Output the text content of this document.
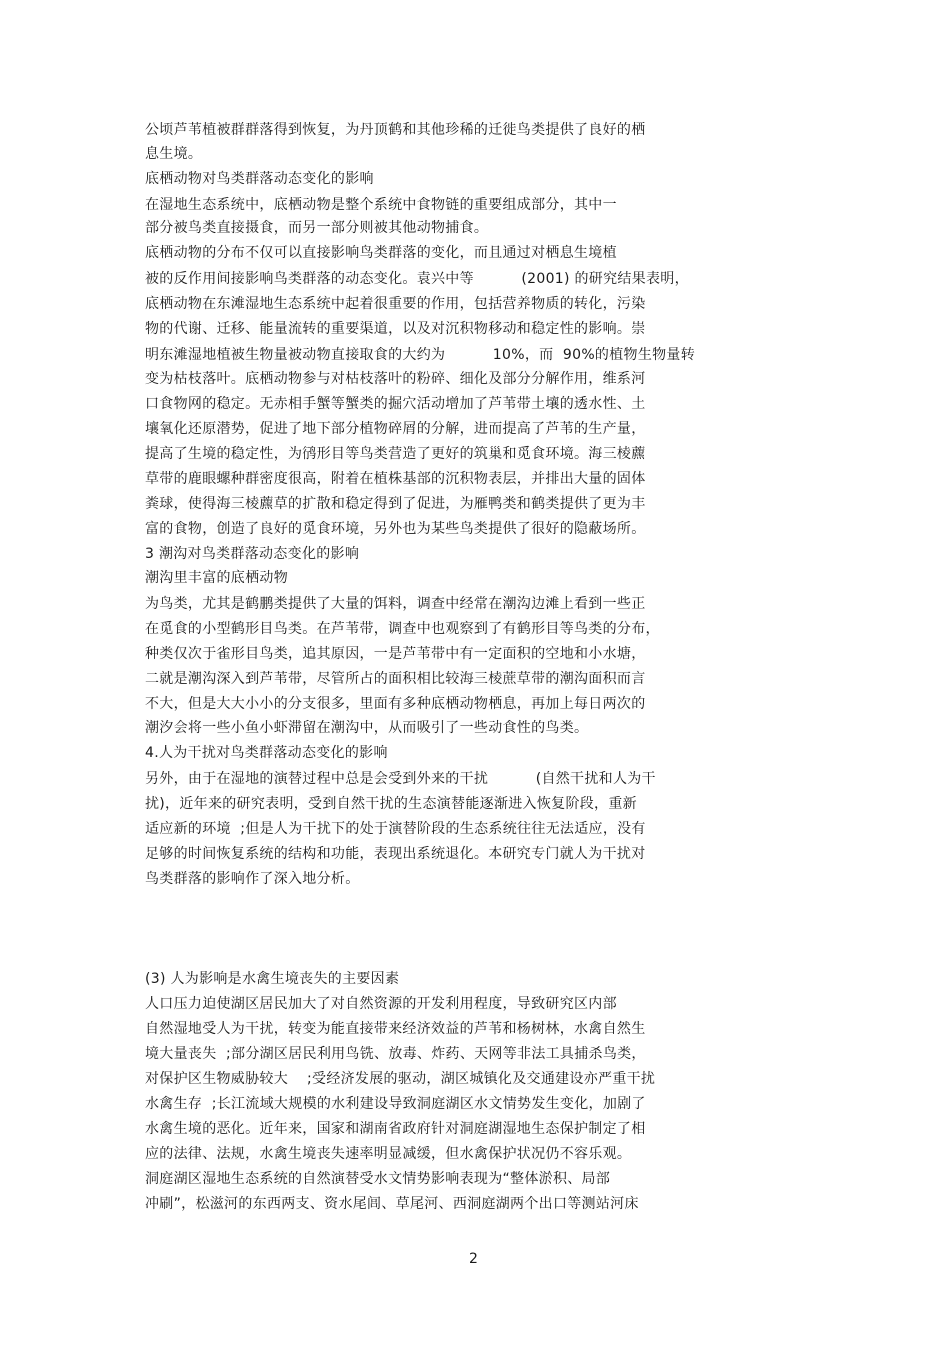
公顷芦苇植被群群落得到恢复，为丹顶鹤和其他珍稀的迁徙鸟类提供了良好的栖
息生境。
底栖动物对鸟类群落动态变化的影响
在湿地生态系统中，底栖动物是整个系统中食物链的重要组成部分，其中一
部分被鸟类直接摄食，而另一部分则被其他动物捕食。
底栖动物的分布不仅可以直接影响鸟类群落的变化，而且通过对栖息生境植
被的反作用间接影响鸟类群落的动态变化。袁兴中等          (2001) 的研究结果表明，
底栖动物在东滩湿地生态系统中起着很重要的作用，包括营养物质的转化，污染
物的代谢、迁移、能量流转的重要渠道，以及对沉积物移动和稳定性的影响。崇
明东滩湿地植被生物量被动物直接取食的大约为          10%，而  90%的植物生物量转
变为枯枝落叶。底栖动物参与对枯枝落叶的粉碎、细化及部分分解作用，维系河
口食物网的稳定。无赤相手蟹等蟹类的掘穴活动增加了芦苇带土壤的透水性、土
壤氧化还原潜势，促进了地下部分植物碎屑的分解，进而提高了芦苇的生产量，
提高了生境的稳定性，为鸻形目等鸟类营造了更好的筑巢和觅食环境。海三棱藨
草带的鹿眼螺种群密度很高，附着在植株基部的沉积物表层，并排出大量的固体
粪球，使得海三棱藨草的扩散和稳定得到了促进，为雁鸭类和鹤类提供了更为丰
富的食物，创造了良好的觅食环境，另外也为某些鸟类提供了很好的隐蔽场所。
3 潮沟对鸟类群落动态变化的影响
潮沟里丰富的底栖动物
为鸟类，尤其是鹤鹏类提供了大量的饵料，调查中经常在潮沟边滩上看到一些正
在觅食的小型鹤形目鸟类。在芦苇带，调查中也观察到了有鹤形目等鸟类的分布，
种类仅次于雀形目鸟类，追其原因，一是芦苇带中有一定面积的空地和小水塘，
二就是潮沟深入到芦苇带，尽管所占的面积相比较海三棱蔗草带的潮沟面积而言
不大，但是大大小小的分支很多，里面有多种底栖动物栖息，再加上每日两次的
潮汐会将一些小鱼小虾滞留在潮沟中，从而吸引了一些动食性的鸟类。
4.人为干扰对鸟类群落动态变化的影响
另外，由于在湿地的演替过程中总是会受到外来的干扰          (自然干扰和人为干
扰)，近年来的研究表明，受到自然干扰的生态演替能逐渐进入恢复阶段，重新
适应新的环境  ;但是人为干扰下的处于演替阶段的生态系统往往无法适应，没有
足够的时间恢复系统的结构和功能，表现出系统退化。本研究专门就人为干扰对
鸟类群落的影响作了深入地分析。
(3) 人为影响是水禽生境丧失的主要因素
人口压力迫使湖区居民加大了对自然资源的开发利用程度，导致研究区内部
自然湿地受人为干扰，转变为能直接带来经济效益的芦苇和杨树林，水禽自然生
境大量丧失  ;部分湖区居民利用鸟铣、放毒、炸药、天网等非法工具捕杀鸟类，
对保护区生物威胁较大    ;受经济发展的驱动，湖区城镇化及交通建设亦严重干扰
水禽生存  ;长江流域大规模的水利建设导致洞庭湖区水文情势发生变化，加剧了
水禽生境的恶化。近年来，国家和湖南省政府针对洞庭湖湿地生态保护制定了相
应的法律、法规，水禽生境丧失速率明显减缓，但水禽保护状况仍不容乐观。
洞庭湖区湿地生态系统的自然演替受水文情势影响表现为“整体淤积、局部
冲刷”，松滋河的东西两支、资水尾闾、草尾河、西洞庭湖两个出口等测站河床
2
